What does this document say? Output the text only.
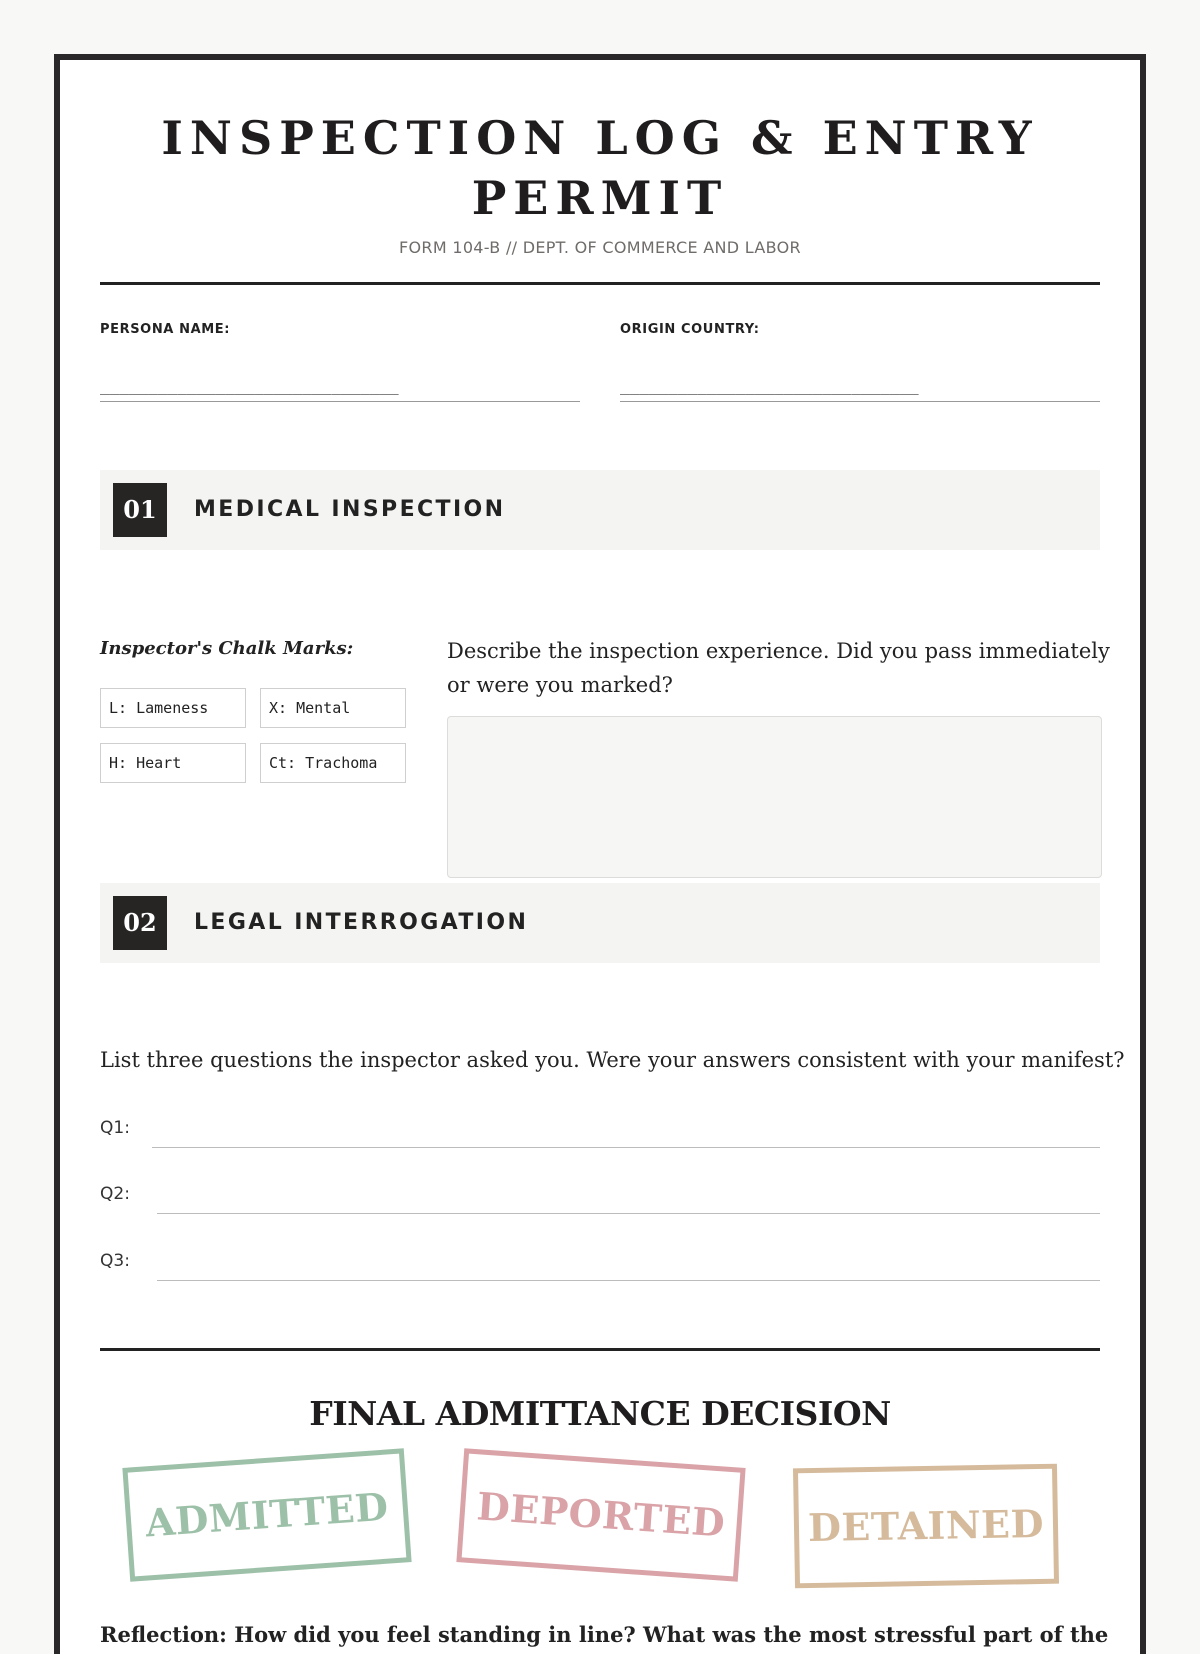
INSPECTION LOG & ENTRY
PERMIT
FORM 104-B // DEPT. OF COMMERCE AND LABOR
PERSONA NAME:
_______________________________
ORIGIN COUNTRY:
_______________________________
01	MEDICAL INSPECTION
Inspector's Chalk Marks:
L: Lameness	X: Mental
H: Heart	Ct: Trachoma
Describe the inspection experience. Did you pass immediately or were you marked?
02	LEGAL INTERROGATION
List three questions the inspector asked you. Were your answers consistent with your manifest?
Q1:
Q2:
Q3:
FINAL ADMITTANCE DECISION
ADMITTED	DEPORTED	DETAINED
Reflection: How did you feel standing in line? What was the most stressful part of the
